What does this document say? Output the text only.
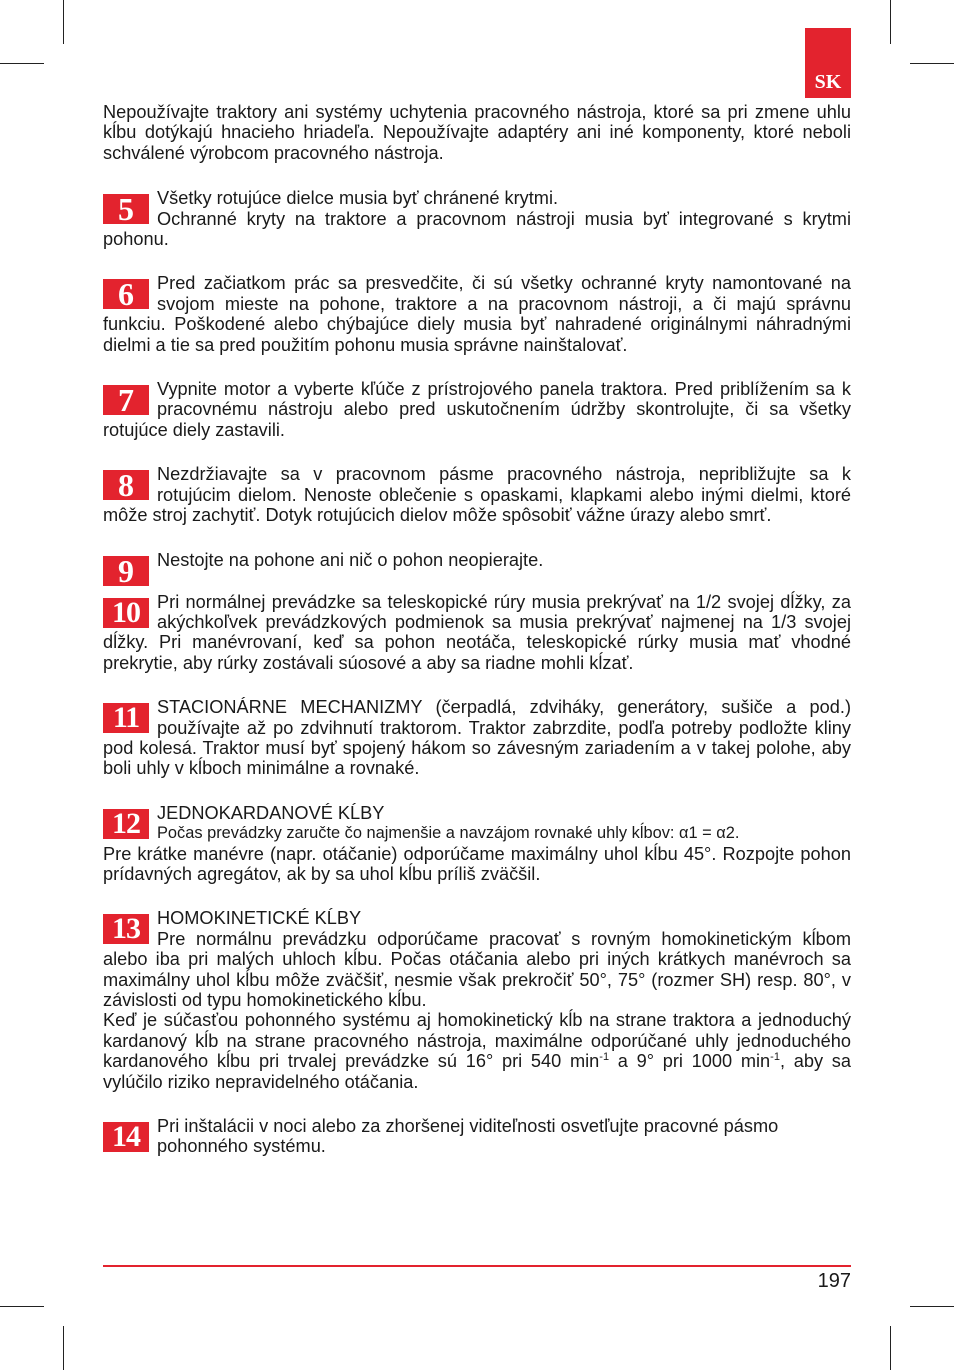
SK

Nepoužívajte traktory ani systémy uchytenia pracovného nástroja, ktoré sa pri zmene uhlu kĺbu dotýkajú hnacieho hriadeľa. Nepoužívajte adaptéry ani iné komponenty, ktoré neboli schválené výrobcom pracovného nástroja.

5	Všetky rotujúce dielce musia byť chránené krytmi.

Ochranné kryty na traktore a pracovnom nástroji musia byť integrované s krytmi pohonu.

6	Pred začiatkom prác sa presvedčite, či sú všetky ochranné kryty namontované na svojom mieste na pohone, traktore a na pracovnom nástroji, a či majú správnu funkciu. Poškodené alebo chýbajúce diely musia byť nahradené originálnymi náhradnými dielmi a tie sa pred použitím pohonu musia správne nainštalovať.

7	Vypnite motor a vyberte kľúče z prístrojového panela traktora. Pred priblížením sa k pracovnému nástroju alebo pred uskutočnením údržby skontrolujte, či sa všetky rotujúce diely zastavili.

8	Nezdržiavajte sa v pracovnom pásme pracovného nástroja, nepribližujte sa k rotujúcim dielom. Nenoste oblečenie s opaskami, klapkami alebo inými dielmi, ktoré môže stroj zachytiť. Dotyk rotujúcich dielov môže spôsobiť vážne úrazy alebo smrť.

9	Nestojte na pohone ani nič o pohon neopierajte.

10 Pri normálnej prevádzke sa teleskopické rúry musia prekrývať na 1/2 svojej dĺžky, za akýchkoľvek prevádzkových podmienok sa musia prekrývať najmenej na 1/3 svojej dĺžky. Pri manévrovaní, keď sa pohon neotáča, teleskopické rúrky musia mať vhodné prekrytie, aby rúrky zostávali súosové a aby sa riadne mohli kĺzať.

11 STACIONÁRNE MECHANIZMY (čerpadlá, zdviháky, generátory, sušiče a pod.) používajte až po zdvihnutí traktorom. Traktor zabrzdite, podľa potreby podložte kliny pod kolesá. Traktor musí byť spojený hákom so závesným zariadením a v takej polohe, aby boli uhly v kĺboch minimálne a rovnaké.

12 JEDNOKARDANOVÉ KĹBY

Počas prevádzky zaručte čo najmenšie a navzájom rovnaké uhly kĺbov: α1 = α2.

Pre krátke manévre (napr. otáčanie) odporúčame maximálny uhol kĺbu 45°. Rozpojte pohon prídavných agregátov, ak by sa uhol kĺbu príliš zväčšil.

13 HOMOKINETICKÉ KĹBY

Pre normálnu prevádzku odporúčame pracovať s rovným homokinetickým kĺbom alebo iba pri malých uhloch kĺbu. Počas otáčania alebo pri iných krátkych manévroch sa maximálny uhol kĺbu môže zväčšiť, nesmie však prekročiť 50°, 75° (rozmer SH) resp. 80°, v závislosti od typu homokinetického kĺbu.

Keď je súčasťou pohonného systému aj homokinetický kĺb na strane traktora a jednoduchý kardanový kĺb na strane pracovného nástroja, maximálne odporúčané uhly jednoduchého kardanového kĺbu pri trvalej prevádzke sú 16° pri 540 $\min^{-1} a$ 9° pri 1000 $\min^{-1}$, aby sa vylúčilo riziko nepravidelného otáčania.

14 Pri inštalácii v noci alebo za zhoršenej viditeľnosti osvetľujte pracovné pásmo pohonného systému.

197
